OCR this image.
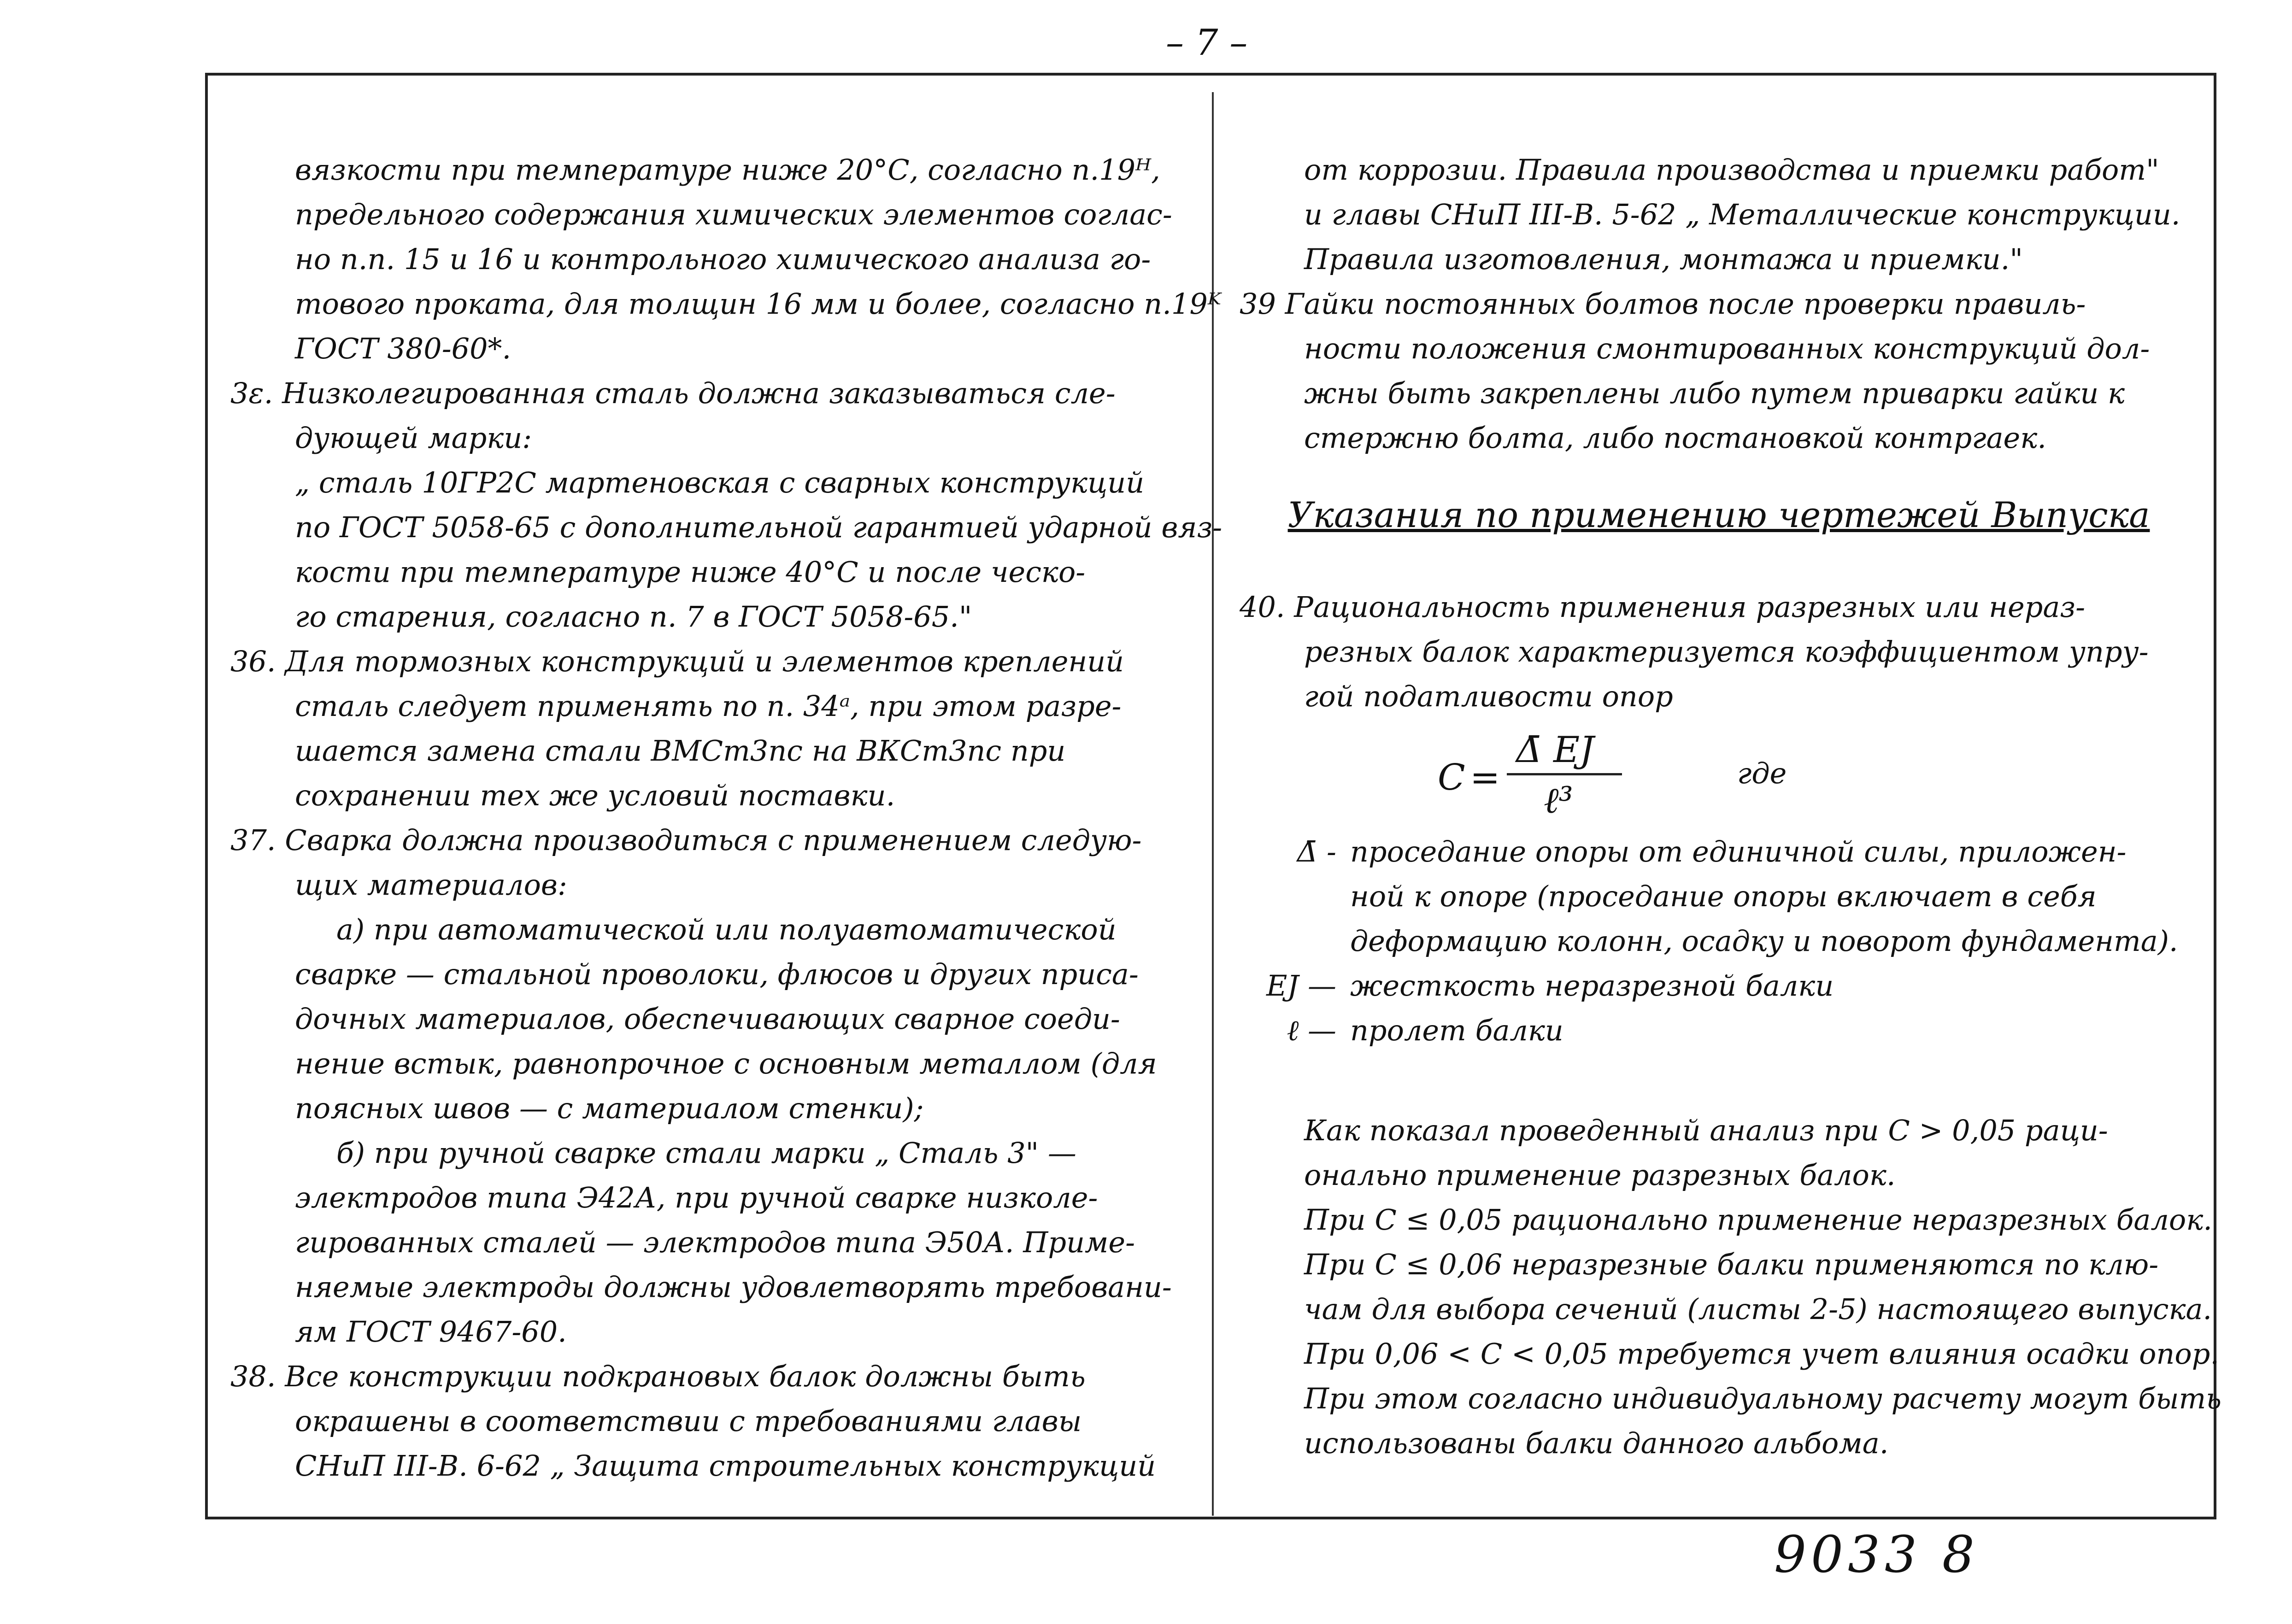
– 7 –
вязкости при температуре ниже 20°С, согласно п.19ᴴ,
предельного содержания химических элементов соглас-
но п.п. 15 и 16 и контрольного химического анализа го-
тового проката, для толщин 16 мм и более, согласно п.19ᴷ
ГОСТ 380-60*.
3ε. Низколегированная сталь должна заказываться сле-
дующей марки:
„ сталь 10ГР2С мартеновская с сварных конструкций
по ГОСТ 5058-65 с дополнительной гарантией ударной вяз-
кости при температуре ниже 40°С и после ческо-
го старения, согласно п. 7 в ГОСТ 5058-65."
36. Для тормозных конструкций и элементов креплений
сталь следует применять по п. 34ᵃ, при этом разре-
шается замена стали ВМСт3пс на ВКСт3пс при
сохранении тех же условий поставки.
37. Сварка должна производиться с применением следую-
щих материалов:
а) при автоматической или полуавтоматической
сварке — стальной проволоки, флюсов и других приса-
дочных материалов, обеспечивающих сварное соеди-
нение встык, равнопрочное с основным металлом (для
поясных швов — с материалом стенки);
б) при ручной сварке стали марки „ Сталь 3" —
электродов типа Э42А, при ручной сварке низколе-
гированных сталей — электродов типа Э50А. Приме-
няемые электроды должны удовлетворять требовани-
ям ГОСТ 9467-60.
38. Все конструкции подкрановых балок должны быть
окрашены в соответствии с требованиями главы
СНиП III-В. 6-62 „ Защита строительных конструкций
от коррозии. Правила производства и приемки работ"
и главы СНиП III-В. 5-62 „ Металлические конструкции.
Правила изготовления, монтажа и приемки."
39 Гайки постоянных болтов после проверки правиль-
ности положения смонтированных конструкций дол-
жны быть закреплены либо путем приварки гайки к
стержню болта, либо постановкой контргаек.
Указания по применению чертежей Выпуска
40. Рациональность применения разрезных или нераз-
резных балок характеризуется коэффициентом упру-
гой податливости опор
C =
Δ̄ EJ
ℓ³
где
Δ̄ - проседание опоры от единичной силы, приложен-
ной к опоре (проседание опоры включает в себя
деформацию колонн, осадку и поворот фундамента).
EJ — жесткость неразрезной балки
ℓ — пролет балки
Как показал проведенный анализ при C > 0,05 раци-
онально применение разрезных балок.
При C ≤ 0,05 рационально применение неразрезных балок.
При C ≤ 0,06 неразрезные балки применяются по клю-
чам для выбора сечений (листы 2-5) настоящего выпуска.
При 0,06 < C < 0,05 требуется учет влияния осадки опор.
При этом согласно индивидуальному расчету могут быть
использованы балки данного альбома.
9033 8
